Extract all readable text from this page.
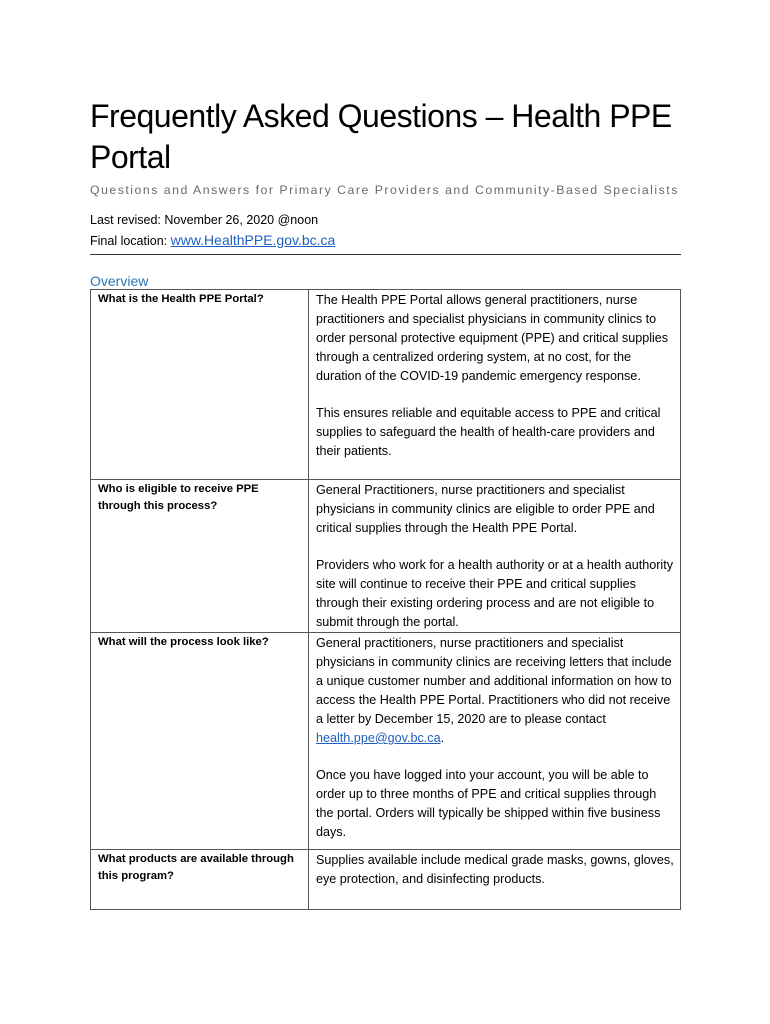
Frequently Asked Questions – Health PPE
Portal
Questions and Answers for Primary Care Providers and Community-Based Specialists
Last revised: November 26, 2020 @noon
Final location: www.HealthPPE.gov.bc.ca
Overview
What is the Health PPE Portal?	The Health PPE Portal allows general practitioners, nurse practitioners and specialist physicians in community clinics to order personal protective equipment (PPE) and critical supplies through a centralized ordering system, at no cost, for the duration of the COVID-19 pandemic emergency response.

This ensures reliable and equitable access to PPE and critical supplies to safeguard the health of health-care providers and their patients.

Who is eligible to receive PPE through this process?	General Practitioners, nurse practitioners and specialist physicians in community clinics are eligible to order PPE and critical supplies through the Health PPE Portal.

Providers who work for a health authority or at a health authority site will continue to receive their PPE and critical supplies through their existing ordering process and are not eligible to submit through the portal.

What will the process look like?	General practitioners, nurse practitioners and specialist physicians in community clinics are receiving letters that include a unique customer number and additional information on how to access the Health PPE Portal. Practitioners who did not receive a letter by December 15, 2020 are to please contact health.ppe@gov.bc.ca.

Once you have logged into your account, you will be able to order up to three months of PPE and critical supplies through the portal. Orders will typically be shipped within five business days.

What products are available through this program?	Supplies available include medical grade masks, gowns, gloves, eye protection, and disinfecting products.
